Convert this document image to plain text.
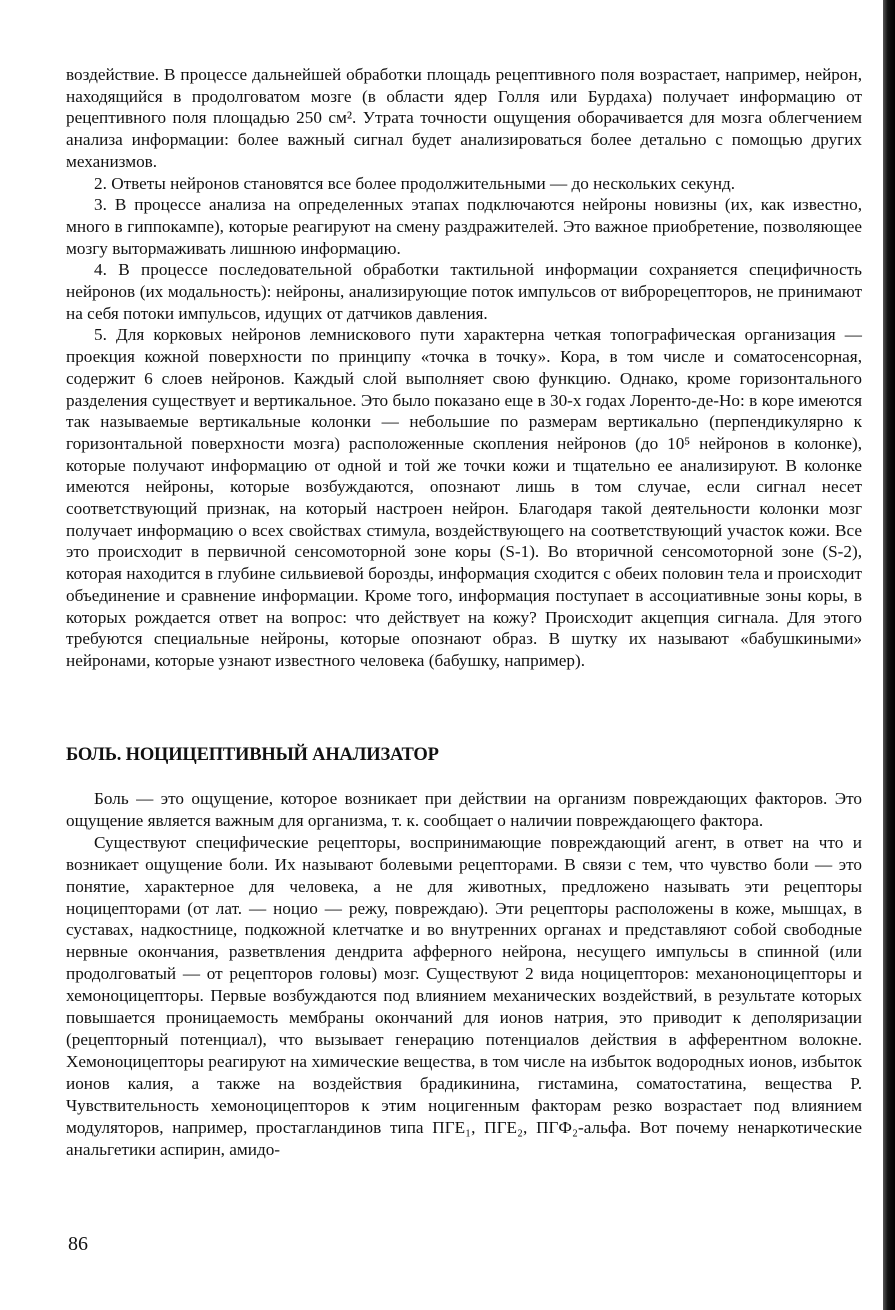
воздействие. В процессе дальнейшей обработки площадь рецептивного поля возрастает, например, нейрон, находящийся в продолговатом мозге (в области ядер Голля или Бурдаха) получает информацию от рецептивного поля площадью 250 см². Утрата точности ощущения оборачивается для мозга облегчением анализа информации: более важный сигнал будет анализироваться более детально с помощью других механизмов.

2. Ответы нейронов становятся все более продолжительными — до нескольких секунд.

3. В процессе анализа на определенных этапах подключаются нейроны новизны (их, как известно, много в гиппокампе), которые реагируют на смену раздражителей. Это важное приобретение, позволяющее мозгу вытормаживать лишнюю информацию.

4. В процессе последовательной обработки тактильной информации сохраняется специфичность нейронов (их модальность): нейроны, анализирующие поток импульсов от виброрецепторов, не принимают на себя потоки импульсов, идущих от датчиков давления.

5. Для корковых нейронов лемнискового пути характерна четкая топографическая организация — проекция кожной поверхности по принципу «точка в точку». Кора, в том числе и соматосенсорная, содержит 6 слоев нейронов. Каждый слой выполняет свою функцию. Однако, кроме горизонтального разделения существует и вертикальное. Это было показано еще в 30-х годах Лоренто-де-Но: в коре имеются так называемые вертикальные колонки — небольшие по размерам вертикально (перпендикулярно к горизонтальной поверхности мозга) расположенные скопления нейронов (до 10⁵ нейронов в колонке), которые получают информацию от одной и той же точки кожи и тщательно ее анализируют. В колонке имеются нейроны, которые возбуждаются, опознают лишь в том случае, если сигнал несет соответствующий признак, на который настроен нейрон. Благодаря такой деятельности колонки мозг получает информацию о всех свойствах стимула, воздействующего на соответствующий участок кожи. Все это происходит в первичной сенсомоторной зоне коры (S-1). Во вторичной сенсомоторной зоне (S-2), которая находится в глубине сильвиевой борозды, информация сходится с обеих половин тела и происходит объединение и сравнение информации. Кроме того, информация поступает в ассоциативные зоны коры, в которых рождается ответ на вопрос: что действует на кожу? Происходит акцепция сигнала. Для этого требуются специальные нейроны, которые опознают образ. В шутку их называют «бабушкиными» нейронами, которые узнают известного человека (бабушку, например).

БОЛЬ. НОЦИЦЕПТИВНЫЙ АНАЛИЗАТОР

Боль — это ощущение, которое возникает при действии на организм повреждающих факторов. Это ощущение является важным для организма, т. к. сообщает о наличии повреждающего фактора.

Существуют специфические рецепторы, воспринимающие повреждающий агент, в ответ на что и возникает ощущение боли. Их называют болевыми рецепторами. В связи с тем, что чувство боли — это понятие, характерное для человека, а не для животных, предложено называть эти рецепторы ноцицепторами (от лат. — ноцио — режу, повреждаю). Эти рецепторы расположены в коже, мышцах, в суставах, надкостнице, подкожной клетчатке и во внутренних органах и представляют собой свободные нервные окончания, разветвления дендрита афферного нейрона, несущего импульсы в спинной (или продолговатый — от рецепторов головы) мозг. Существуют 2 вида ноцицепторов: механоноцицепторы и хемоноцицепторы. Первые возбуждаются под влиянием механических воздействий, в результате которых повышается проницаемость мембраны окончаний для ионов натрия, это приводит к деполяризации (рецепторный потенциал), что вызывает генерацию потенциалов действия в афферентном волокне. Хемоноцицепторы реагируют на химические вещества, в том числе на избыток водородных ионов, избыток ионов калия, а также на воздействия брадикинина, гистамина, соматостатина, вещества Р. Чувствительность хемоноцицепторов к этим ноцигенным факторам резко возрастает под влиянием модуляторов, например, простагландинов типа ПГЕ₁, ПГЕ₂, ПГФ₂-альфа. Вот почему ненаркотические анальгетики аспирин, амидо-

86
